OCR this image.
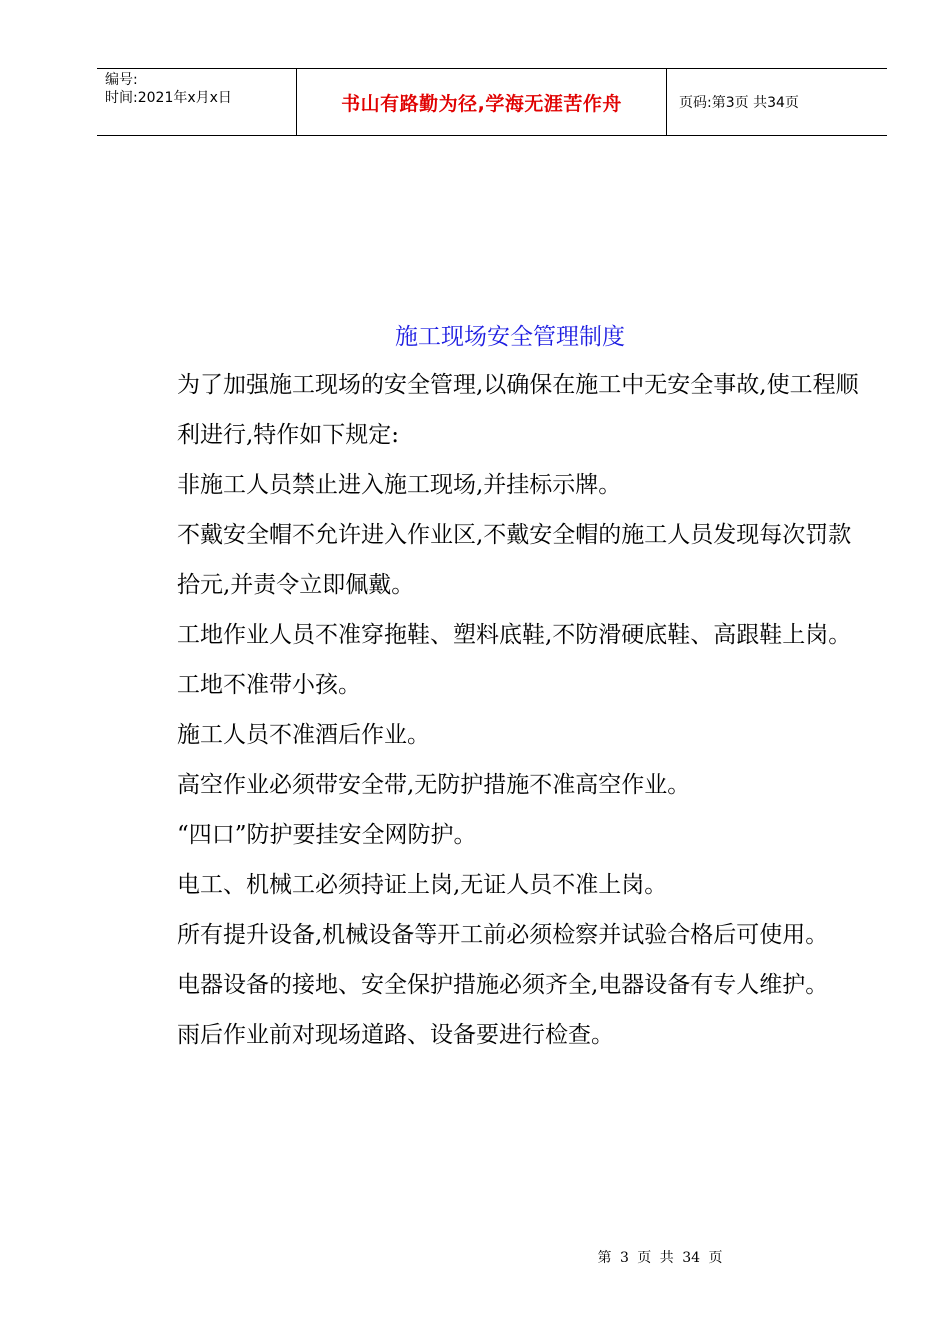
编号:
时间:2021年x月x日	书山有路勤为径,学海无涯苦作舟	页码:第3页 共34页
施工现场安全管理制度

为了加强施工现场的安全管理,以确保在施工中无安全事故,使工程顺利进行,特作如下规定:

非施工人员禁止进入施工现场,并挂标示牌。

不戴安全帽不允许进入作业区,不戴安全帽的施工人员发现每次罚款拾元,并责令立即佩戴。

工地作业人员不准穿拖鞋、塑料底鞋,不防滑硬底鞋、高跟鞋上岗。

工地不准带小孩。

施工人员不准酒后作业。

高空作业必须带安全带,无防护措施不准高空作业。

“四口”防护要挂安全网防护。

电工、机械工必须持证上岗,无证人员不准上岗。

所有提升设备,机械设备等开工前必须检察并试验合格后可使用。

电器设备的接地、安全保护措施必须齐全,电器设备有专人维护。

雨后作业前对现场道路、设备要进行检查。

第 3 页 共 34 页
